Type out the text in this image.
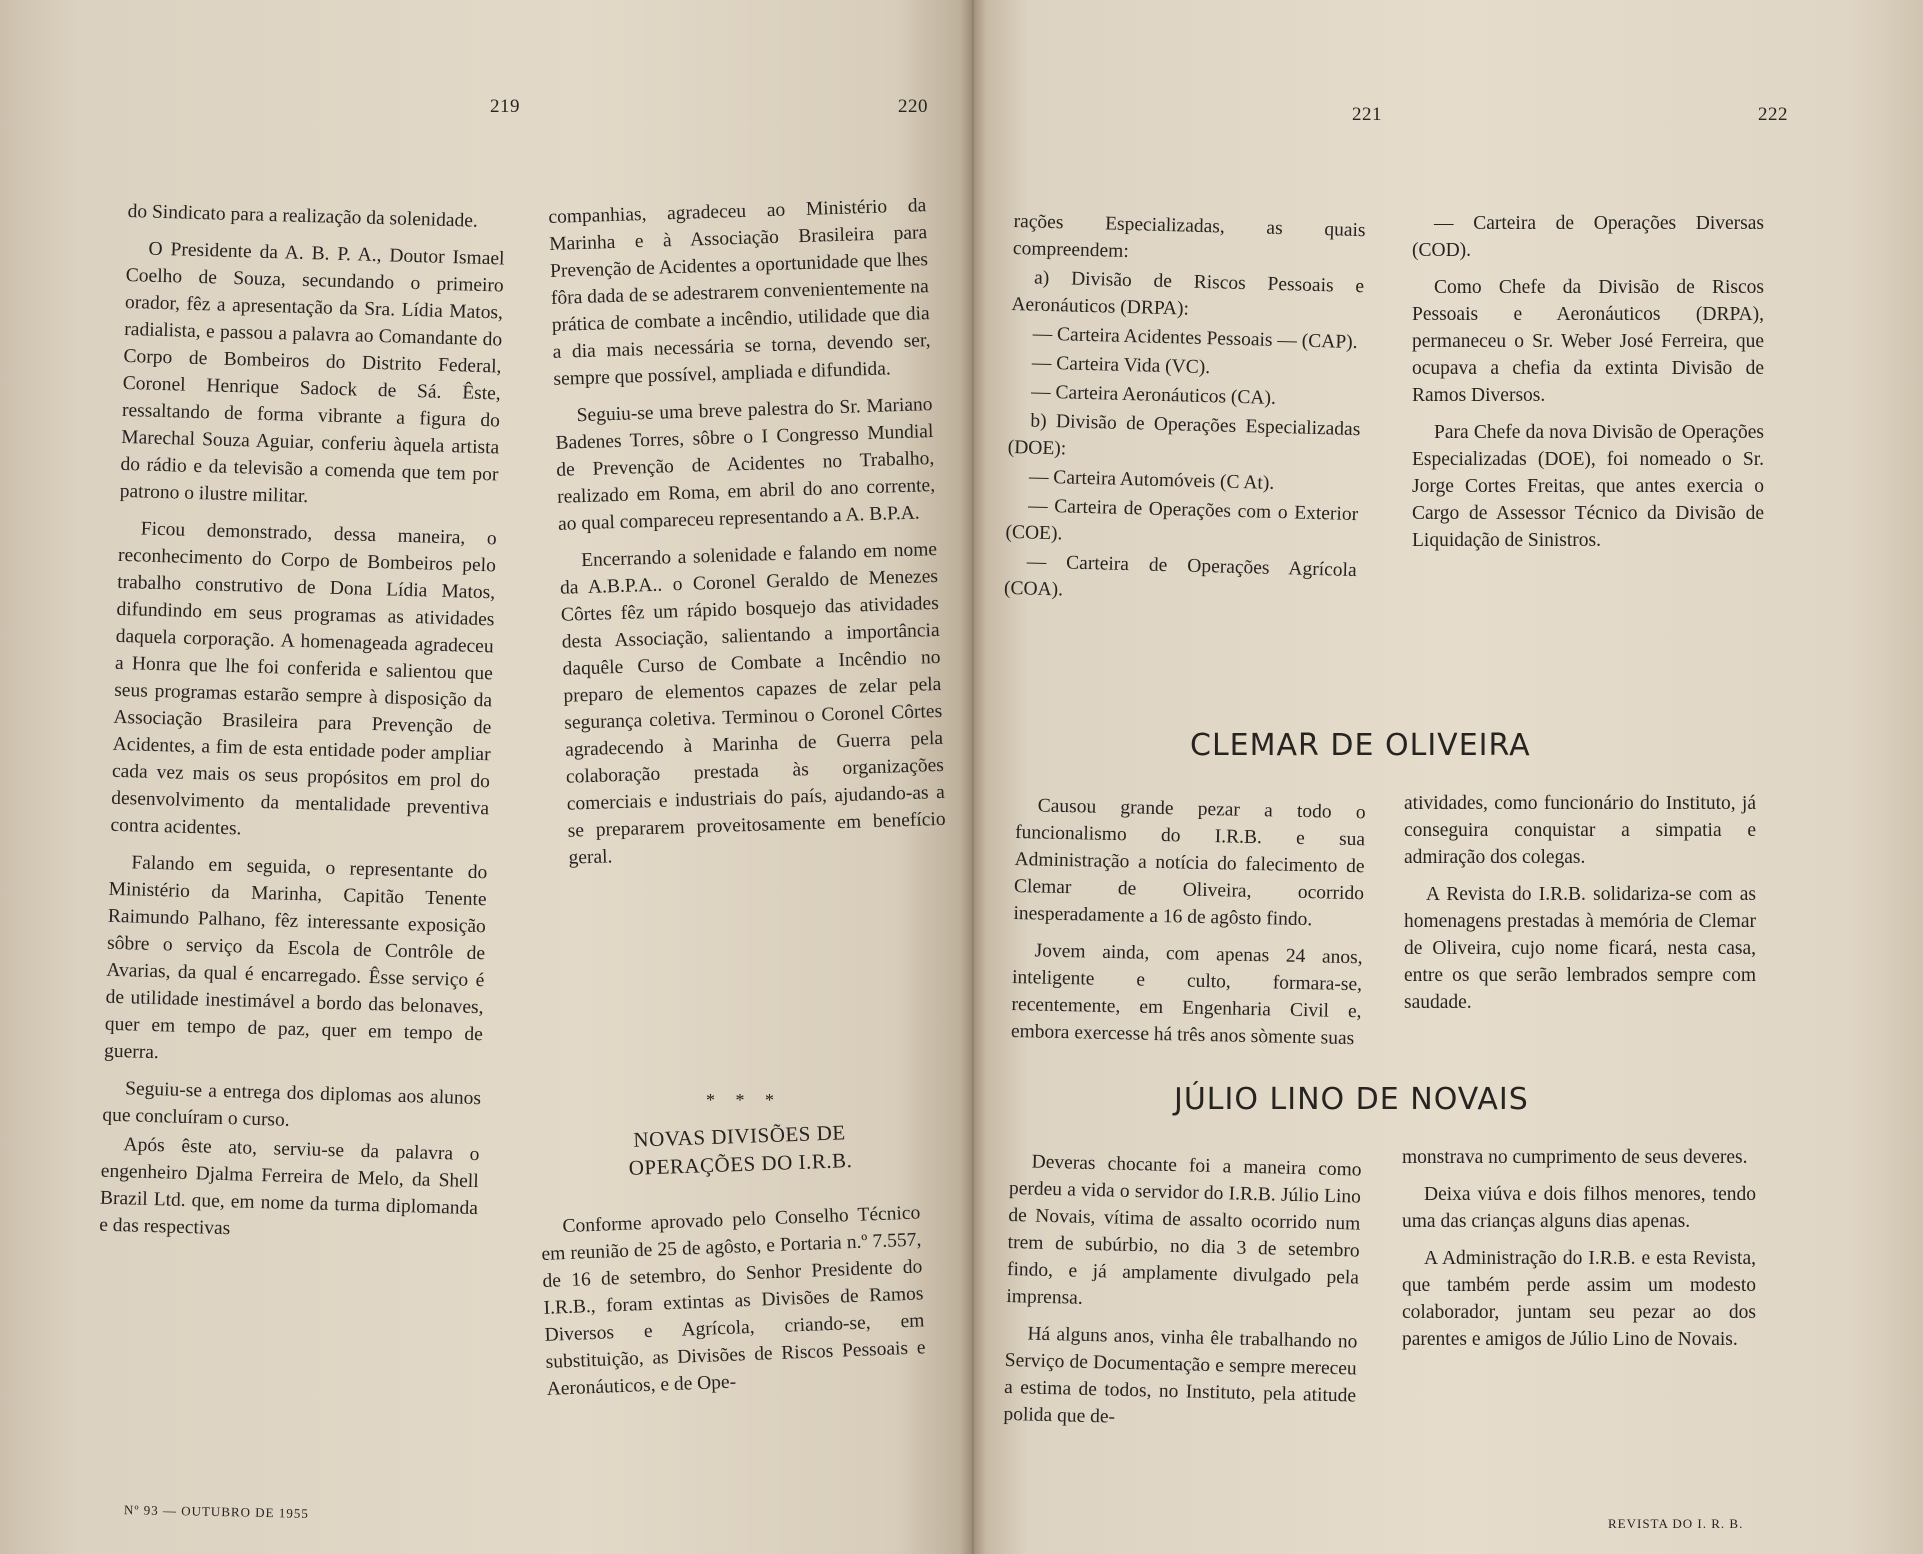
219	220

do Sindicato para a realização da solenidade.

O Presidente da A. B. P. A., Doutor Ismael Coelho de Souza, secundando o primeiro orador, fêz a apresentação da Sra. Lídia Matos, radialista, e passou a palavra ao Comandante do Corpo de Bombeiros do Distrito Federal, Coronel Henrique Sadock de Sá. Êste, ressaltando de forma vibrante a figura do Marechal Souza Aguiar, conferiu àquela artista do rádio e da televisão a comenda que tem por patrono o ilustre militar.

Ficou demonstrado, dessa maneira, o reconhecimento do Corpo de Bombeiros pelo trabalho construtivo de Dona Lídia Matos, difundindo em seus programas as atividades daquela corporação. A homenageada agradeceu a Honra que lhe foi conferida e salientou que seus programas estarão sempre à disposição da Associação Brasileira para Prevenção de Acidentes, a fim de esta entidade poder ampliar cada vez mais os seus propósitos em prol do desenvolvimento da mentalidade preventiva contra acidentes.

Falando em seguida, o representante do Ministério da Marinha, Capitão Tenente Raimundo Palhano, fêz interessante exposição sôbre o serviço da Escola de Contrôle de Avarias, da qual é encarregado. Êsse serviço é de utilidade inestimável a bordo das belonaves, quer em tempo de paz, quer em tempo de guerra.

Seguiu-se a entrega dos diplomas aos alunos que concluíram o curso.

Após êste ato, serviu-se da palavra o engenheiro Djalma Ferreira de Melo, da Shell Brazil Ltd. que, em nome da turma diplomanda e das respectivas

companhias, agradeceu ao Ministério da Marinha e à Associação Brasileira para Prevenção de Acidentes a oportunidade que lhes fôra dada de se adestrarem convenientemente na prática de combate a incêndio, utilidade que dia a dia mais necessária se torna, devendo ser, sempre que possível, ampliada e difundida.

Seguiu-se uma breve palestra do Sr. Mariano Badenes Torres, sôbre o I Congresso Mundial de Prevenção de Acidentes no Trabalho, realizado em Roma, em abril do ano corrente, ao qual compareceu representando a A. B.P.A.

Encerrando a solenidade e falando em nome da A.B.P.A.. o Coronel Geraldo de Menezes Côrtes fêz um rápido bosquejo das atividades desta Associação, salientando a importância daquêle Curso de Combate a Incêndio no preparo de elementos capazes de zelar pela segurança coletiva. Terminou o Coronel Côrtes agradecendo à Marinha de Guerra pela colaboração prestada às organizações comerciais e industriais do país, ajudando-as a se prepararem proveitosamente em benefício geral.

* * *
NOVAS DIVISÕES DE
OPERAÇÕES DO I.R.B.

Conforme aprovado pelo Conselho Técnico em reunião de 25 de agôsto, e Portaria n.º 7.557, de 16 de setembro, do Senhor Presidente do I.R.B., foram extintas as Divisões de Ramos Diversos e Agrícola, criando-se, em substituição, as Divisões de Riscos Pessoais e Aeronáuticos, e de Ope-

Nº 93 — OUTUBRO DE 1955
221	222

rações Especializadas, as quais compreendem:

a) Divisão de Riscos Pessoais e Aeronáuticos (DRPA):

— Carteira Acidentes Pessoais — (CAP).

— Carteira Vida (VC).

— Carteira Aeronáuticos (CA).

b) Divisão de Operações Especializadas (DOE):

— Carteira Automóveis (C At).

— Carteira de Operações com o Exterior (COE).

— Carteira de Operações Agrícola (COA).

— Carteira de Operações Diversas (COD).

Como Chefe da Divisão de Riscos Pessoais e Aeronáuticos (DRPA), permaneceu o Sr. Weber José Ferreira, que ocupava a chefia da extinta Divisão de Ramos Diversos.

Para Chefe da nova Divisão de Operações Especializadas (DOE), foi nomeado o Sr. Jorge Cortes Freitas, que antes exercia o Cargo de Assessor Técnico da Divisão de Liquidação de Sinistros.

CLEMAR DE OLIVEIRA

Causou grande pezar a todo o funcionalismo do I.R.B. e sua Administração a notícia do falecimento de Clemar de Oliveira, ocorrido inesperadamente a 16 de agôsto findo.

Jovem ainda, com apenas 24 anos, inteligente e culto, formara-se, recentemente, em Engenharia Civil e, embora exercesse há três anos sòmente suas

atividades, como funcionário do Instituto, já conseguira conquistar a simpatia e admiração dos colegas.

A Revista do I.R.B. solidariza-se com as homenagens prestadas à memória de Clemar de Oliveira, cujo nome ficará, nesta casa, entre os que serão lembrados sempre com saudade.

JÚLIO LINO DE NOVAIS

Deveras chocante foi a maneira como perdeu a vida o servidor do I.R.B. Júlio Lino de Novais, vítima de assalto ocorrido num trem de subúrbio, no dia 3 de setembro findo, e já amplamente divulgado pela imprensa.

Há alguns anos, vinha êle trabalhando no Serviço de Documentação e sempre mereceu a estima de todos, no Instituto, pela atitude polida que de-

monstrava no cumprimento de seus deveres.

Deixa viúva e dois filhos menores, tendo uma das crianças alguns dias apenas.

A Administração do I.R.B. e esta Revista, que também perde assim um modesto colaborador, juntam seu pezar ao dos parentes e amigos de Júlio Lino de Novais.

REVISTA DO I. R. B.
